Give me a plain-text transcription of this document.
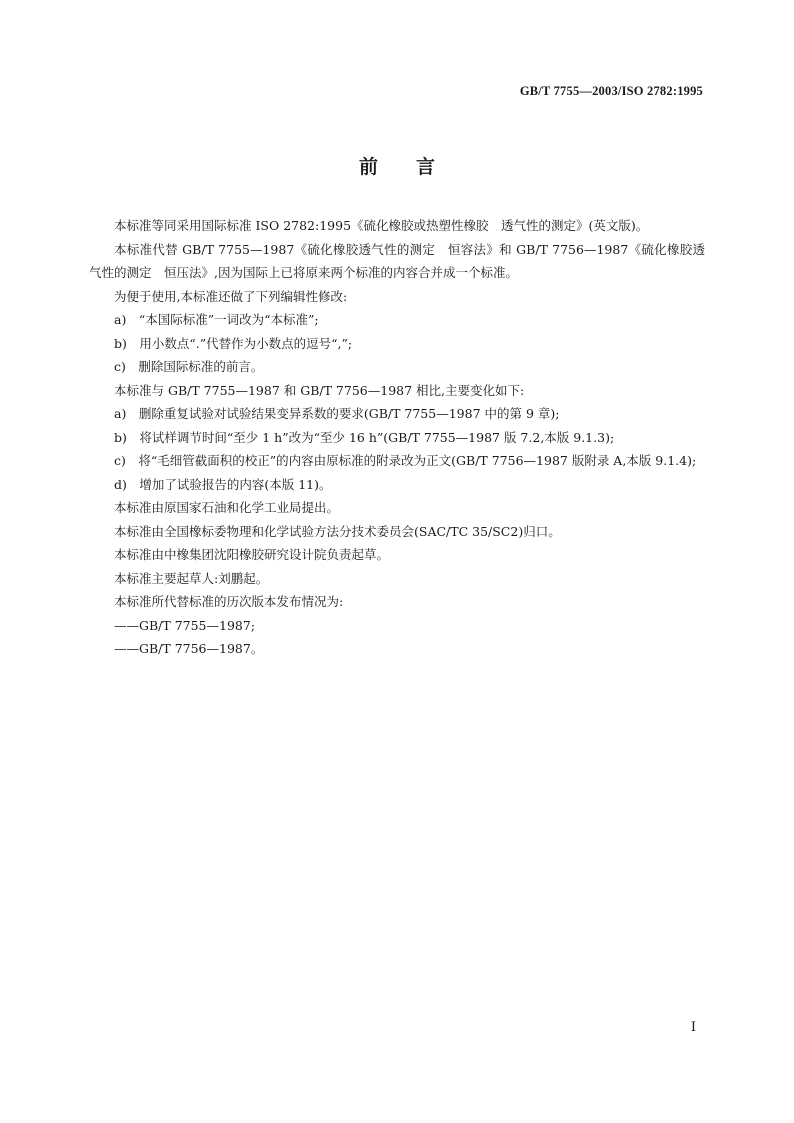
GB/T 7755—2003/ISO 2782:1995
前言

本标准等同采用国际标准 ISO 2782:1995《硫化橡胶或热塑性橡胶　透气性的测定》(英文版)。

本标准代替 GB/T 7755—1987《硫化橡胶透气性的测定　恒容法》和 GB/T 7756—1987《硫化橡胶透气性的测定　恒压法》,因为国际上已将原来两个标准的内容合并成一个标准。

为便于使用,本标准还做了下列编辑性修改:

a)　“本国际标准”一词改为“本标准”;

b)　用小数点“.”代替作为小数点的逗号“,”;

c)　删除国际标准的前言。

本标准与 GB/T 7755—1987 和 GB/T 7756—1987 相比,主要变化如下:

a)　删除重复试验对试验结果变异系数的要求(GB/T 7755—1987 中的第 9 章);

b)　将试样调节时间“至少 1 h”改为“至少 16 h”(GB/T 7755—1987 版 7.2,本版 9.1.3);

c)　将“毛细管截面积的校正”的内容由原标准的附录改为正文(GB/T 7756—1987 版附录 A,本版 9.1.4);

d)　增加了试验报告的内容(本版 11)。

本标准由原国家石油和化学工业局提出。

本标准由全国橡标委物理和化学试验方法分技术委员会(SAC/TC 35/SC2)归口。

本标准由中橡集团沈阳橡胶研究设计院负责起草。

本标准主要起草人:刘鹏起。

本标准所代替标准的历次版本发布情况为:

——GB/T 7755—1987;

——GB/T 7756—1987。

I
